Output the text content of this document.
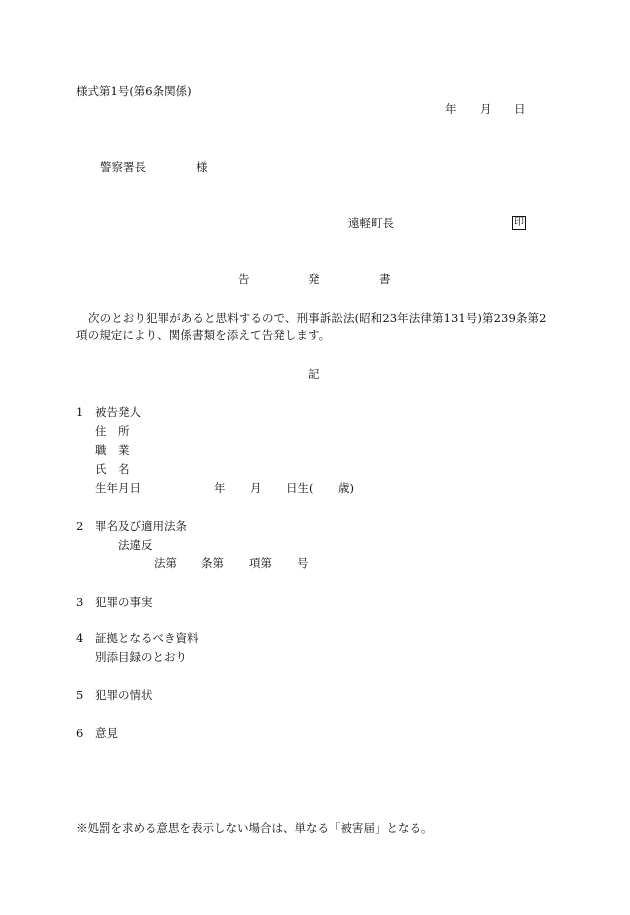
様式第1号(第6条関係)
年 月 日
警察署長	様
遠軽町長	印
告	発	書
次のとおり犯罪があると思料するので、刑事訴訟法(昭和23年法律第131号)第239条第2
項の規定により、関係書類を添えて告発します。
記
1 被告発人
住　所
職　業
氏　名
生年月日	年 月 日生( 歳)
2 罪名及び適用法条
法違反
法第 条第 項第 号
3 犯罪の事実
4 証拠となるべき資料
別添目録のとおり
5 犯罪の情状
6 意見
※処罰を求める意思を表示しない場合は、単なる「被害届」となる。
